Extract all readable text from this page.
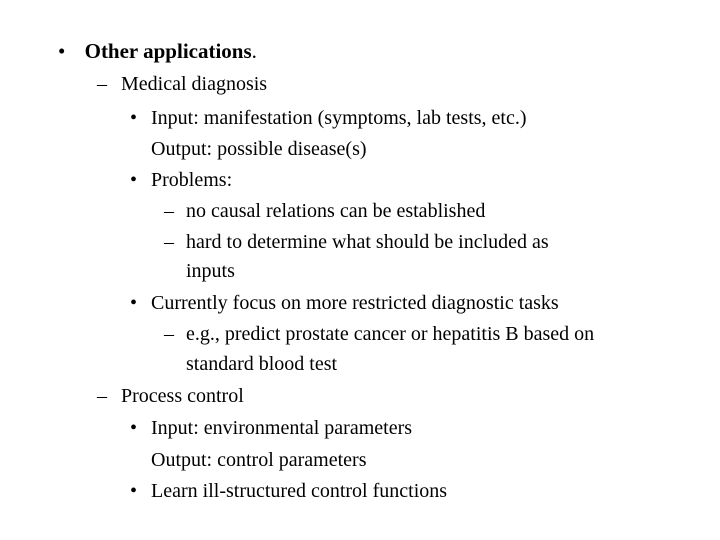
• Other applications.
– Medical diagnosis
• Input: manifestation (symptoms, lab tests, etc.)
Output: possible disease(s)
• Problems:
– no causal relations can be established
– hard to determine what should be included as
inputs
• Currently focus on more restricted diagnostic tasks
– e.g., predict prostate cancer or hepatitis B based on
standard blood test
– Process control
• Input: environmental parameters
Output: control parameters
• Learn ill-structured control functions
